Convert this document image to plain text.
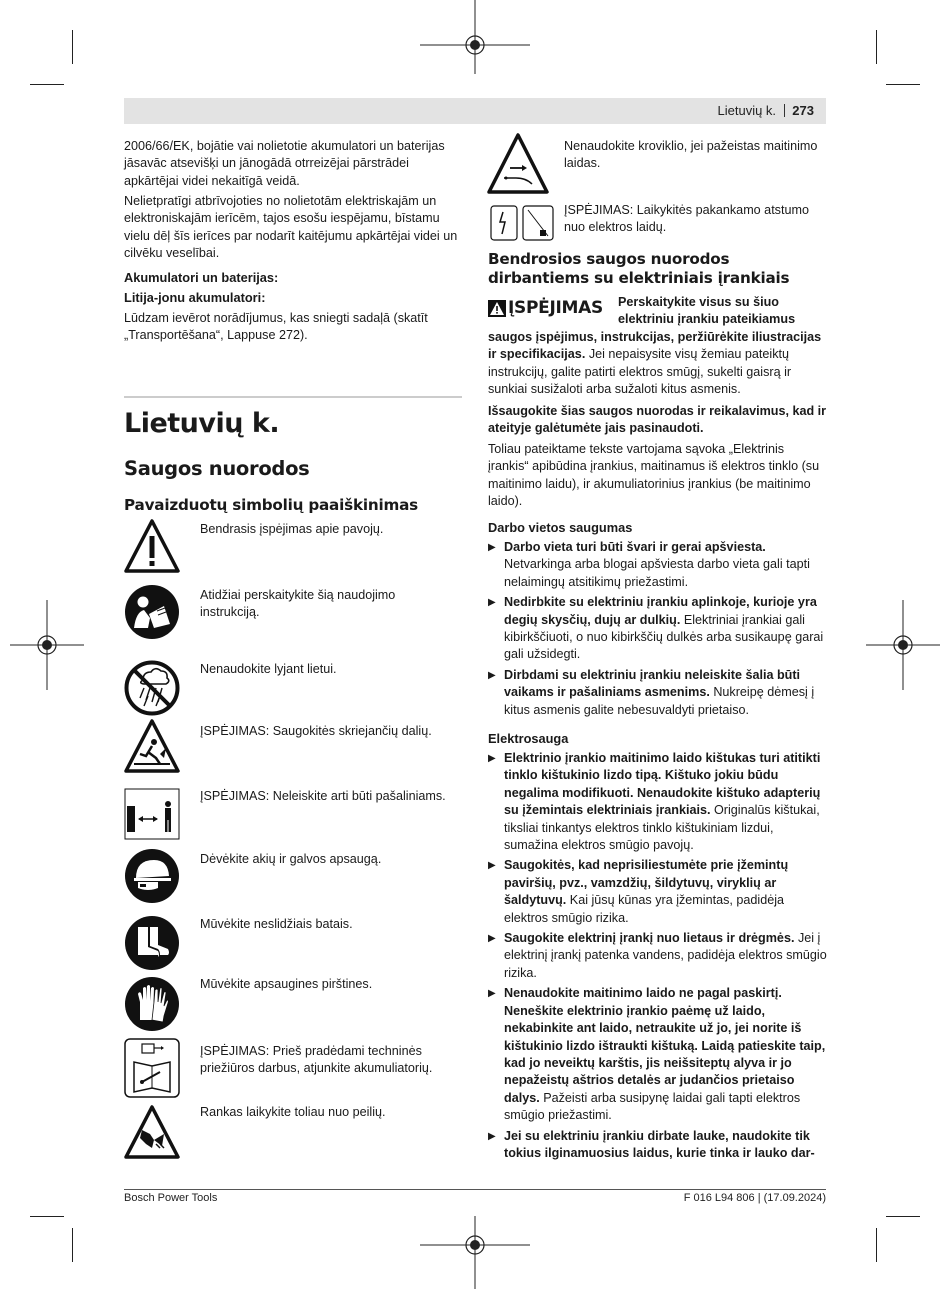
Lietuvių k. 273
2006/66/EK, bojātie vai nolietotie akumulatori un baterijas jāsavāc atsevišķi un jānogādā otrreizējai pārstrādei apkārtējai videi nekaitīgā veidā.
Nelietpratīgi atbrīvojoties no nolietotām elektriskajām un elektroniskajām ierīcēm, tajos esošu iespējamu, bīstamu vielu dēļ šīs ierīces par nodarīt kaitējumu apkārtējai videi un cilvēku veselībai.
Akumulatori un baterijas:
Litija-jonu akumulatori:
Lūdzam ievērot norādījumus, kas sniegti sadaļā (skatīt „Transportēšana“, Lappuse 272).
Lietuvių k.
Saugos nuorodos
Pavaizduotų simbolių paaiškinimas
Bendrasis įspėjimas apie pavojų.
Atidžiai perskaitykite šią naudojimo instrukciją.
Nenaudokite lyjant lietui.
ĮSPĖJIMAS: Saugokitės skriejančių dalių.
ĮSPĖJIMAS: Neleiskite arti būti pašaliniams.
Dėvėkite akių ir galvos apsaugą.
Mūvėkite neslidžiais batais.
Mūvėkite apsaugines pirštines.
ĮSPĖJIMAS: Prieš pradėdami techninės priežiūros darbus, atjunkite akumuliatorių.
Rankas laikykite toliau nuo peilių.
Nenaudokite kroviklio, jei pažeistas maitinimo laidas.
ĮSPĖJIMAS: Laikykitės pakankamo atstumo nuo elektros laidų.
Bendrosios saugos nuorodos dirbantiems su elektriniais įrankiais
ĮSPĖJIMAS	Perskaitykite visus su šiuo elektriniu įrankiu pateikiamus saugos įspėjimus, instrukcijas, peržiūrėkite iliustracijas ir specifikacijas. Jei nepaisysite visų žemiau pateiktų instrukcijų, galite patirti elektros smūgį, sukelti gaisrą ir sunkiai susižaloti arba sužaloti kitus asmenis.
Išsaugokite šias saugos nuorodas ir reikalavimus, kad ir ateityje galėtumėte jais pasinaudoti.
Toliau pateiktame tekste vartojama sąvoka „Elektrinis įrankis“ apibūdina įrankius, maitinamus iš elektros tinklo (su maitinimo laidu), ir akumuliatorinius įrankius (be maitinimo laido).
Darbo vietos saugumas
▶ Darbo vieta turi būti švari ir gerai apšviesta. Netvarkinga arba blogai apšviesta darbo vieta gali tapti nelaimingų atsitikimų priežastimi.
▶ Nedirbkite su elektriniu įrankiu aplinkoje, kurioje yra degių skysčių, dujų ar dulkių. Elektriniai įrankiai gali kibirkščiuoti, o nuo kibirkščių dulkės arba susikaupę garai gali užsidegti.
▶ Dirbdami su elektriniu įrankiu neleiskite šalia būti vaikams ir pašaliniams asmenims. Nukreipę dėmesį į kitus asmenis galite nebesuvaldyti prietaiso.
Elektrosauga
▶ Elektrinio įrankio maitinimo laido kištukas turi atitikti tinklo kištukinio lizdo tipą. Kištuko jokiu būdu negalima modifikuoti. Nenaudokite kištuko adapterių su įžemintais elektriniais įrankiais. Originalūs kištukai, tiksliai tinkantys elektros tinklo kištukiniam lizdui, sumažina elektros smūgio pavojų.
▶ Saugokitės, kad neprisiliestumėte prie įžemintų paviršių, pvz., vamzdžių, šildytuvų, viryklių ar šaldytuvų. Kai jūsų kūnas yra įžemintas, padidėja elektros smūgio rizika.
▶ Saugokite elektrinį įrankį nuo lietaus ir drėgmės. Jei į elektrinį įrankį patenka vandens, padidėja elektros smūgio rizika.
▶ Nenaudokite maitinimo laido ne pagal paskirtį. Neneškite elektrinio įrankio paėmę už laido, nekabinkite ant laido, netraukite už jo, jei norite iš kištukinio lizdo ištraukti kištuką. Laidą patieskite taip, kad jo neveiktų karštis, jis neišsiteptų alyva ir jo nepažeistų aštrios detalės ar judančios prietaiso dalys. Pažeisti arba susipynę laidai gali tapti elektros smūgio priežastimi.
▶ Jei su elektriniu įrankiu dirbate lauke, naudokite tik tokius ilginamuosius laidus, kurie tinka ir lauko dar-
Bosch Power Tools	F 016 L94 806 | (17.09.2024)
